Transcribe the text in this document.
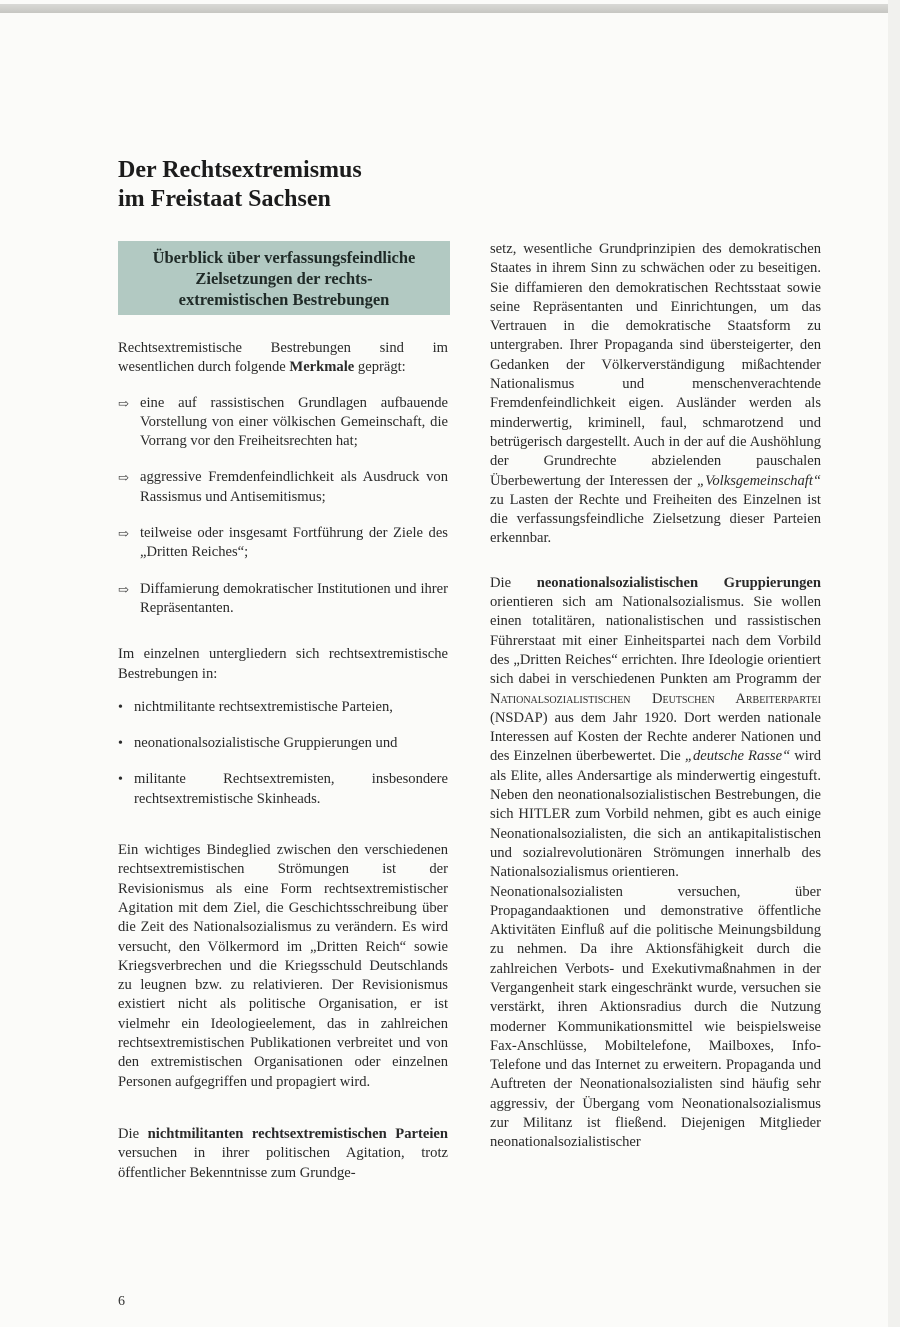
Der Rechtsextremismus
im Freistaat Sachsen
Überblick über verfassungsfeindliche
Zielsetzungen der rechts-
extremistischen Bestrebungen

Rechtsextremistische Bestrebungen sind im wesentlichen durch folgende Merkmale geprägt:

⇨ eine auf rassistischen Grundlagen aufbauende Vorstellung von einer völkischen Gemeinschaft, die Vorrang vor den Freiheitsrechten hat;
⇨ aggressive Fremdenfeindlichkeit als Ausdruck von Rassismus und Antisemitismus;
⇨ teilweise oder insgesamt Fortführung der Ziele des „Dritten Reiches“;
⇨ Diffamierung demokratischer Institutionen und ihrer Repräsentanten.

Im einzelnen untergliedern sich rechtsextremistische Bestrebungen in:

• nichtmilitante rechtsextremistische Parteien,
• neonationalsozialistische Gruppierungen und
• militante Rechtsextremisten, insbesondere rechtsextremistische Skinheads.

Ein wichtiges Bindeglied zwischen den verschiedenen rechtsextremistischen Strömungen ist der Revisionismus als eine Form rechtsextremistischer Agitation mit dem Ziel, die Geschichtsschreibung über die Zeit des Nationalsozialismus zu verändern. Es wird versucht, den Völkermord im „Dritten Reich“ sowie Kriegsverbrechen und die Kriegsschuld Deutschlands zu leugnen bzw. zu relativieren. Der Revisionismus existiert nicht als politische Organisation, er ist vielmehr ein Ideologieelement, das in zahlreichen rechtsextremistischen Publikationen verbreitet und von den extremistischen Organisationen oder einzelnen Personen aufgegriffen und propagiert wird.

Die nichtmilitanten rechtsextremistischen Parteien versuchen in ihrer politischen Agitation, trotz öffentlicher Bekenntnisse zum Grundge-

setz, wesentliche Grundprinzipien des demokratischen Staates in ihrem Sinn zu schwächen oder zu beseitigen. Sie diffamieren den demokratischen Rechtsstaat sowie seine Repräsentanten und Einrichtungen, um das Vertrauen in die demokratische Staatsform zu untergraben. Ihrer Propaganda sind übersteigerter, den Gedanken der Völkerverständigung mißachtender Nationalismus und menschenverachtende Fremdenfeindlichkeit eigen. Ausländer werden als minderwertig, kriminell, faul, schmarotzend und betrügerisch dargestellt. Auch in der auf die Aushöhlung der Grundrechte abzielenden pauschalen Überbewertung der Interessen der „Volksgemeinschaft“ zu Lasten der Rechte und Freiheiten des Einzelnen ist die verfassungsfeindliche Zielsetzung dieser Parteien erkennbar.

Die neonationalsozialistischen Gruppierungen orientieren sich am Nationalsozialismus. Sie wollen einen totalitären, nationalistischen und rassistischen Führerstaat mit einer Einheitspartei nach dem Vorbild des „Dritten Reiches“ errichten. Ihre Ideologie orientiert sich dabei in verschiedenen Punkten am Programm der Nationalsozialistischen Deutschen Arbeiterpartei (NSDAP) aus dem Jahr 1920. Dort werden nationale Interessen auf Kosten der Rechte anderer Nationen und des Einzelnen überbewertet. Die „deutsche Rasse“ wird als Elite, alles Andersartige als minderwertig eingestuft. Neben den neonationalsozialistischen Bestrebungen, die sich HITLER zum Vorbild nehmen, gibt es auch einige Neonationalsozialisten, die sich an antikapitalistischen und sozialrevolutionären Strömungen innerhalb des Nationalsozialismus orientieren.

Neonationalsozialisten versuchen, über Propagandaaktionen und demonstrative öffentliche Aktivitäten Einfluß auf die politische Meinungsbildung zu nehmen. Da ihre Aktionsfähigkeit durch die zahlreichen Verbots- und Exekutivmaßnahmen in der Vergangenheit stark eingeschränkt wurde, versuchen sie verstärkt, ihren Aktionsradius durch die Nutzung moderner Kommunikationsmittel wie beispielsweise Fax-Anschlüsse, Mobiltelefone, Mailboxes, Info-Telefone und das Internet zu erweitern. Propaganda und Auftreten der Neonationalsozialisten sind häufig sehr aggressiv, der Übergang vom Neonationalsozialismus zur Militanz ist fließend. Diejenigen Mitglieder neonationalsozialistischer

6
